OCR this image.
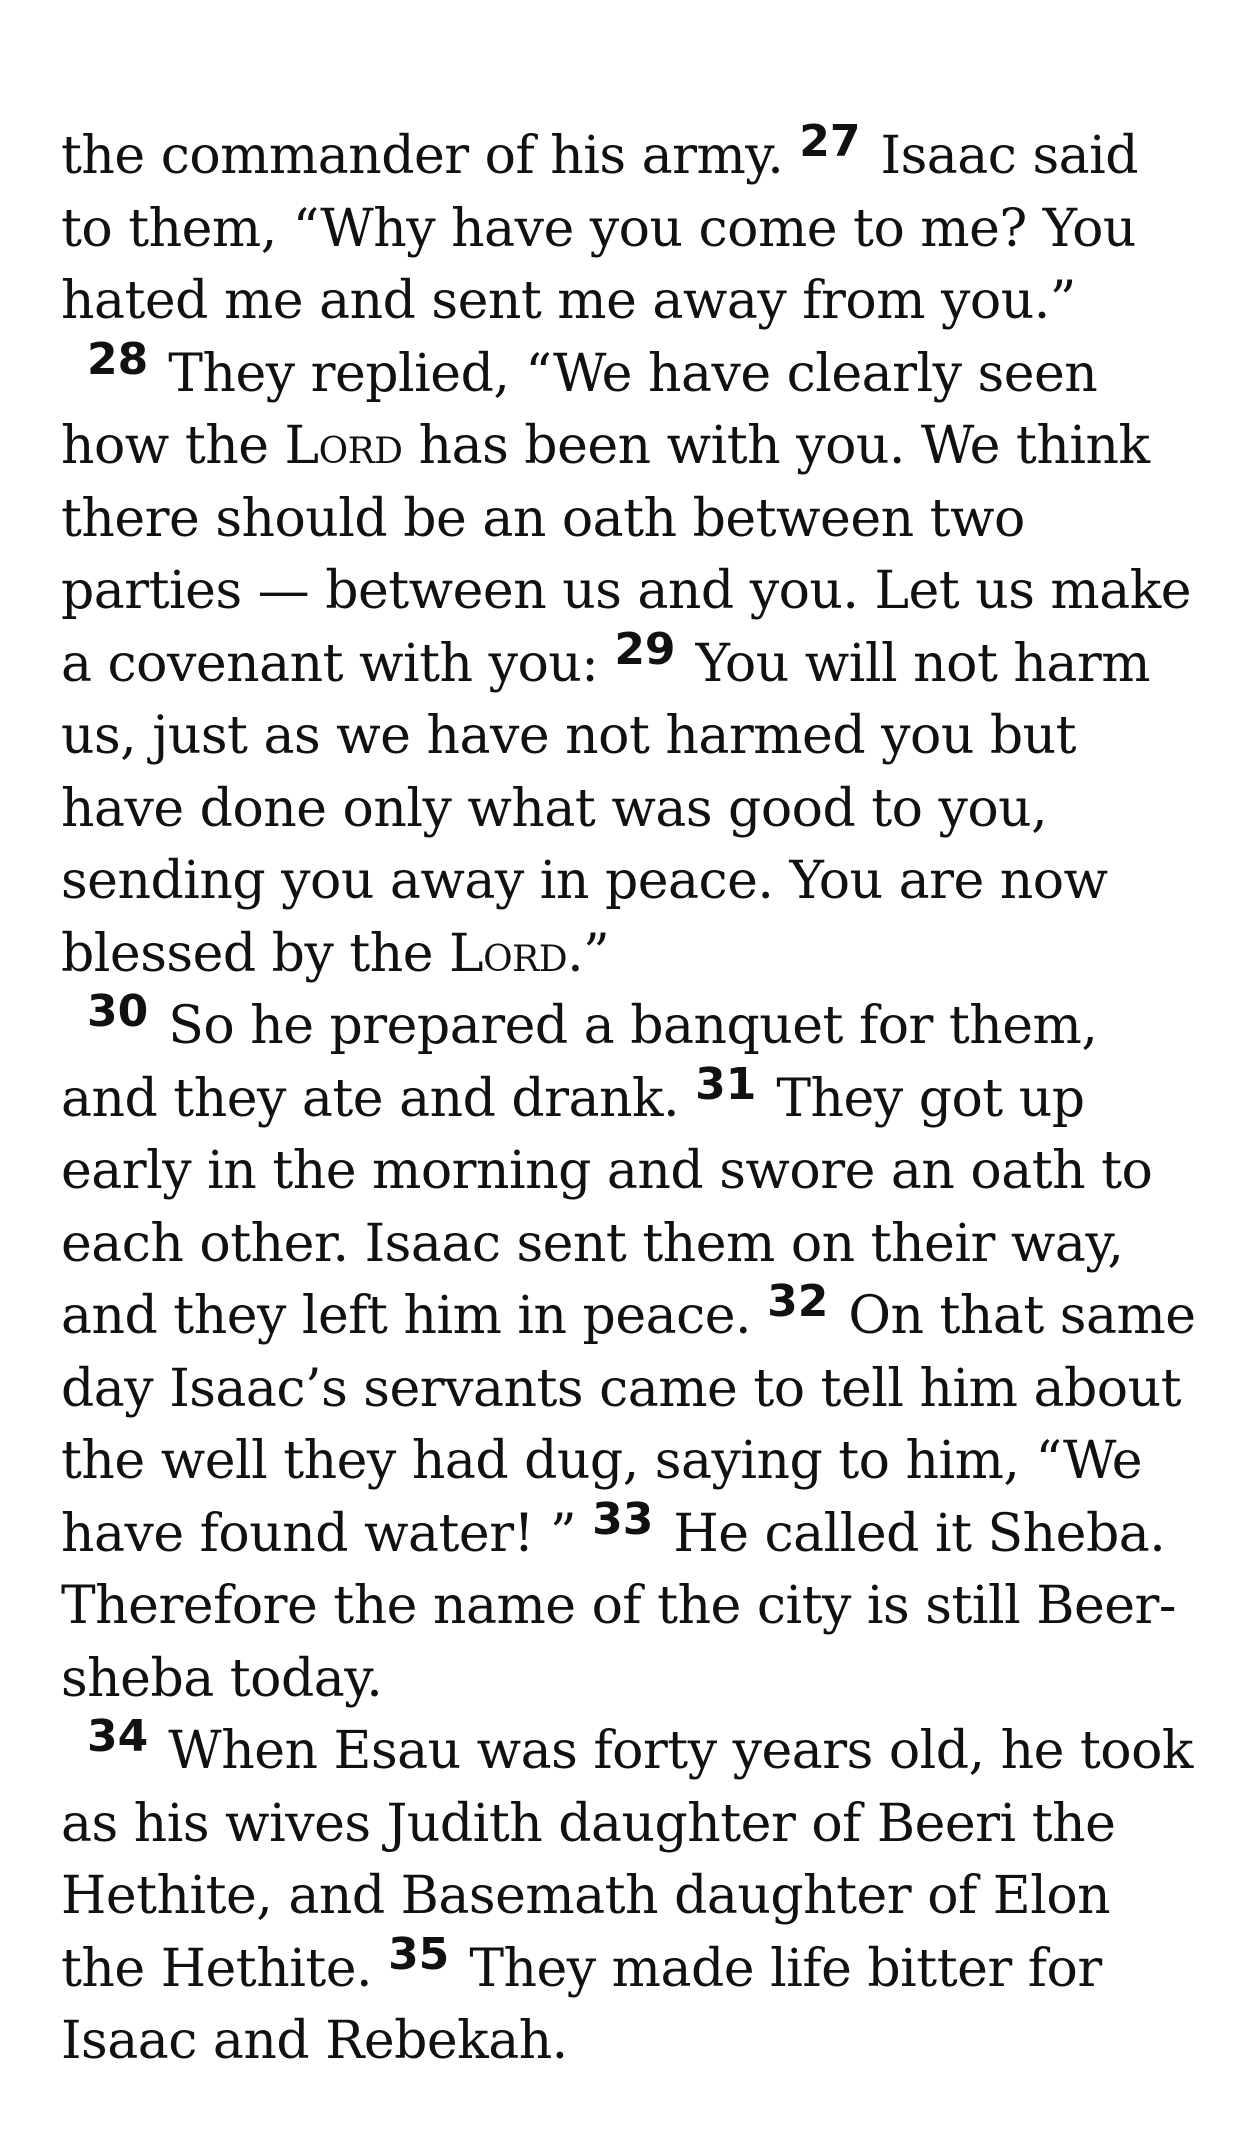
the commander of his army. $^{27}$ Isaac said to them, “Why have you come to me? You hated me and sent me away from you.”

$^{28}$ They replied, “We have clearly seen how the Lord has been with you. We think there should be an oath between two parties — between us and you. Let us make a covenant with you: $^{29}$ You will not harm us, just as we have not harmed you but have done only what was good to you, sending you away in peace. You are now blessed by the Lord.”

$^{30}$ So he prepared a banquet for them, and they ate and drank. $^{31}$ They got up early in the morning and swore an oath to each other. Isaac sent them on their way, and they left him in peace. $^{32}$ On that same day Isaac’s servants came to tell him about the well they had dug, saying to him, “We have found water! ” $^{33}$ He called it Sheba. Therefore the name of the city is still Beer-sheba today.

$^{34}$ When Esau was forty years old, he took as his wives Judith daughter of Beeri the Hethite, and Basemath daughter of Elon the Hethite. $^{35}$ They made life bitter for Isaac and Rebekah.
